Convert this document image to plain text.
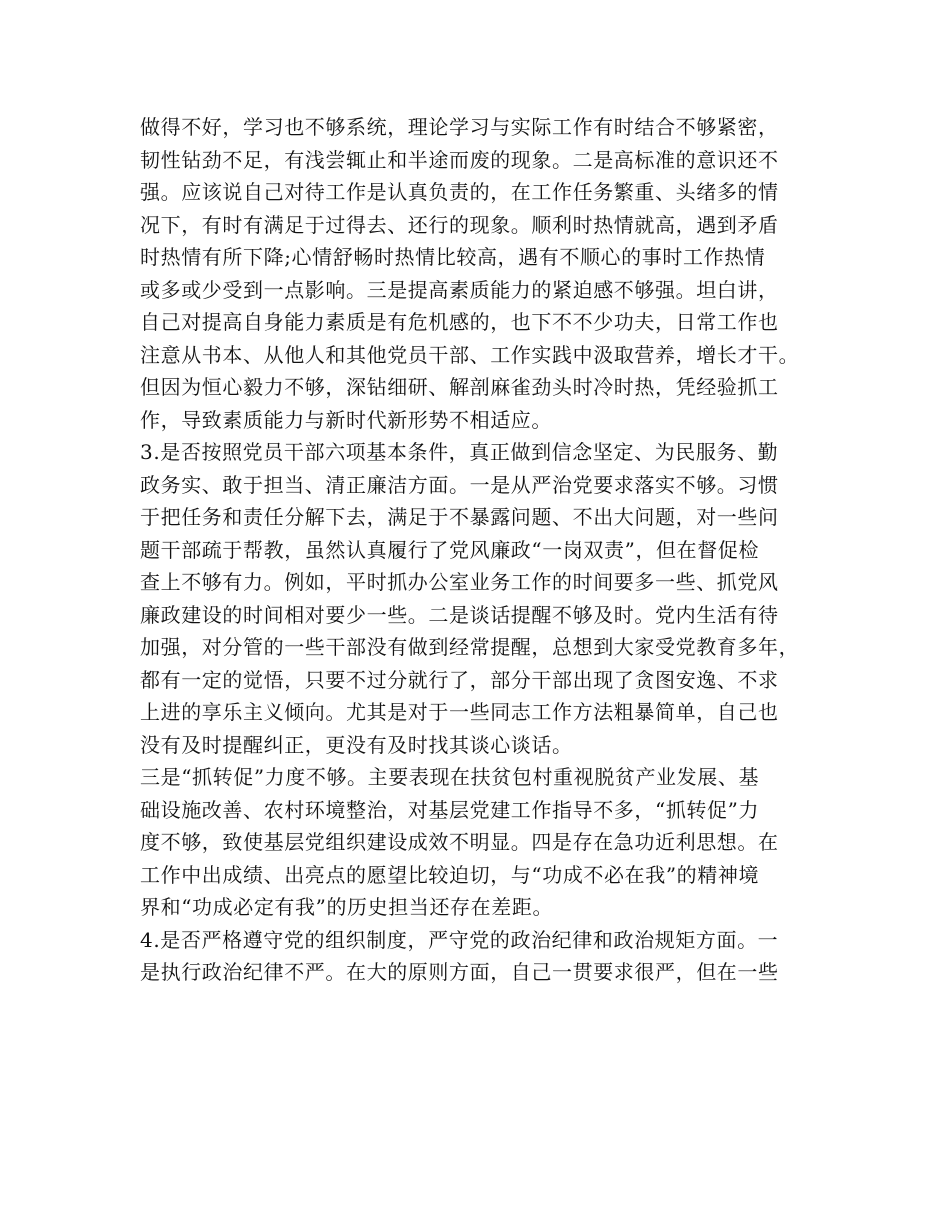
做得不好，学习也不够系统，理论学习与实际工作有时结合不够紧密，
韧性钻劲不足，有浅尝辄止和半途而废的现象。二是高标准的意识还不
强。应该说自己对待工作是认真负责的，在工作任务繁重、头绪多的情
况下，有时有满足于过得去、还行的现象。顺利时热情就高，遇到矛盾
时热情有所下降;心情舒畅时热情比较高，遇有不顺心的事时工作热情
或多或少受到一点影响。三是提高素质能力的紧迫感不够强。坦白讲，
自己对提高自身能力素质是有危机感的，也下不不少功夫，日常工作也
注意从书本、从他人和其他党员干部、工作实践中汲取营养，增长才干。
但因为恒心毅力不够，深钻细研、解剖麻雀劲头时冷时热，凭经验抓工
作，导致素质能力与新时代新形势不相适应。
3.是否按照党员干部六项基本条件，真正做到信念坚定、为民服务、勤
政务实、敢于担当、清正廉洁方面。一是从严治党要求落实不够。习惯
于把任务和责任分解下去，满足于不暴露问题、不出大问题，对一些问
题干部疏于帮教，虽然认真履行了党风廉政“一岗双责”，但在督促检
查上不够有力。例如，平时抓办公室业务工作的时间要多一些、抓党风
廉政建设的时间相对要少一些。二是谈话提醒不够及时。党内生活有待
加强，对分管的一些干部没有做到经常提醒，总想到大家受党教育多年，
都有一定的觉悟，只要不过分就行了，部分干部出现了贪图安逸、不求
上进的享乐主义倾向。尤其是对于一些同志工作方法粗暴简单，自己也
没有及时提醒纠正，更没有及时找其谈心谈话。
三是“抓转促”力度不够。主要表现在扶贫包村重视脱贫产业发展、基
础设施改善、农村环境整治，对基层党建工作指导不多，“抓转促”力
度不够，致使基层党组织建设成效不明显。四是存在急功近利思想。在
工作中出成绩、出亮点的愿望比较迫切，与“功成不必在我”的精神境
界和“功成必定有我”的历史担当还存在差距。
4.是否严格遵守党的组织制度，严守党的政治纪律和政治规矩方面。一
是执行政治纪律不严。在大的原则方面，自己一贯要求很严，但在一些
